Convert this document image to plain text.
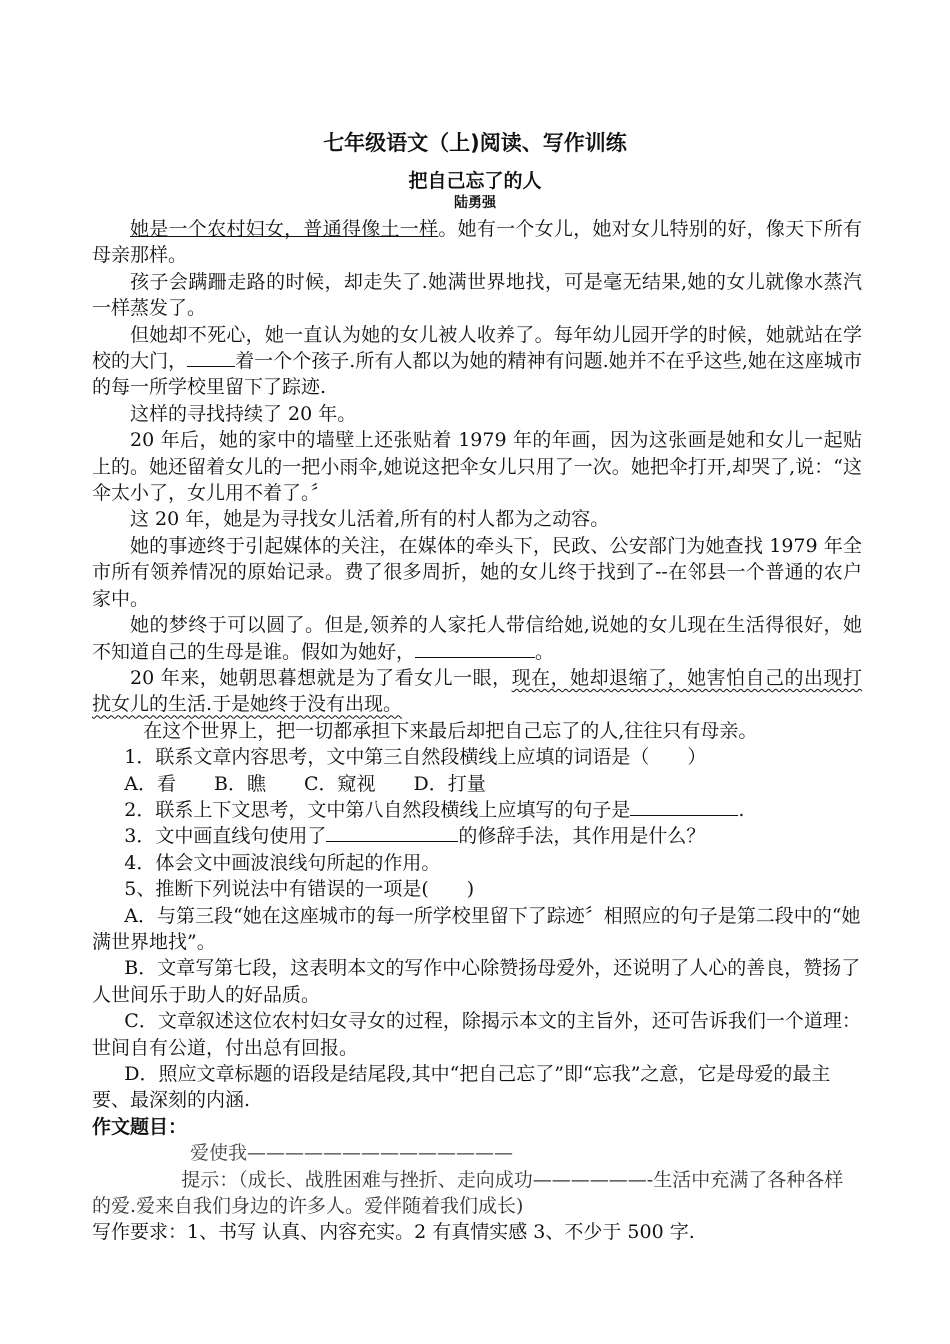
七年级语文（上)阅读、写作训练
把自己忘了的人
陆勇强

她是一个农村妇女，普通得像土一样。她有一个女儿，她对女儿特别的好，像天下所有母亲那样。

孩子会蹒跚走路的时候，却走失了.她满世界地找，可是毫无结果,她的女儿就像水蒸汽一样蒸发了。

但她却不死心，她一直认为她的女儿被人收养了。每年幼儿园开学的时候，她就站在学校的大门，	着一个个孩子.所有人都以为她的精神有问题.她并不在乎这些,她在这座城市的每一所学校里留下了踪迹.

这样的寻找持续了 20 年。

20 年后，她的家中的墙壁上还张贴着 1979 年的年画，因为这张画是她和女儿一起贴上的。她还留着女儿的一把小雨伞,她说这把伞女儿只用了一次。她把伞打开,却哭了,说：“这伞太小了，女儿用不着了。〞

这 20 年，她是为寻找女儿活着,所有的村人都为之动容。

她的事迹终于引起媒体的关注，在媒体的牵头下，民政、公安部门为她查找 1979 年全市所有领养情况的原始记录。费了很多周折，她的女儿终于找到了--在邻县一个普通的农户家中。

她的梦终于可以圆了。但是,领养的人家托人带信给她,说她的女儿现在生活得很好，她不知道自己的生母是谁。假如为她好，	。

20 年来，她朝思暮想就是为了看女儿一眼，现在，她却退缩了，她害怕自己的出现打扰女儿的生活.于是她终于没有出现。

在这个世界上，把一切都承担下来最后却把自己忘了的人,往往只有母亲。

1．联系文章内容思考，文中第三自然段横线上应填的词语是（　　）

A．看　　B．瞧　　C．窥视　　D．打量

2．联系上下文思考，文中第八自然段横线上应填写的句子是	.

3．文中画直线句使用了	的修辞手法，其作用是什么？

4．体会文中画波浪线句所起的作用。

5、推断下列说法中有错误的一项是(　　)

A．与第三段“她在这座城市的每一所学校里留下了踪迹〞相照应的句子是第二段中的“她满世界地找”。

B．文章写第七段，这表明本文的写作中心除赞扬母爱外，还说明了人心的善良，赞扬了人世间乐于助人的好品质。

C．文章叙述这位农村妇女寻女的过程，除揭示本文的主旨外，还可告诉我们一个道理：世间自有公道，付出总有回报。

D．照应文章标题的语段是结尾段,其中“把自己忘了”即“忘我”之意，它是母爱的最主要、最深刻的内涵.

作文题目：

爱使我——————————————

提示：（成长、战胜困难与挫折、走向成功——————-生活中充满了各种各样的爱.爱来自我们身边的许多人。爱伴随着我们成长)

写作要求：1、书写 认真、内容充实。2 有真情实感 3、不少于 500 字.
